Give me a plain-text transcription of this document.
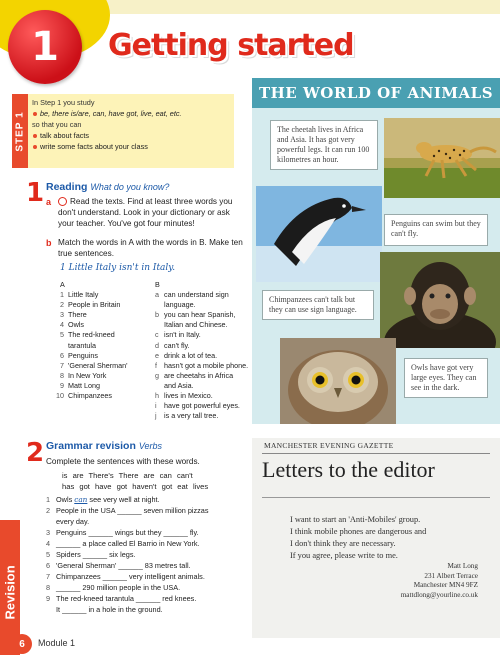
1	Getting started
STEP 1
In Step 1 you study
be, there is/are, can, have got, live, eat, etc.
so that you can
talk about facts
write some facts about your class
1 Reading What do you know?
a	Read the texts. Find at least three words you don't understand. Look in your dictionary or ask your teacher. You've got four minutes!
b Match the words in A with the words in B. Make ten true sentences.
1 Little Italy isn't in Italy.
A
1 Little Italy
2 People in Britain
3 There
4 Owls
5 The red-kneed
tarantula
6 Penguins
7 'General Sherman'
8 In New York
9 Matt Long
10 Chimpanzees
B
a can understand sign
language.
b you can hear Spanish,
Italian and Chinese.
c isn't in Italy.
d can't fly.
e drink a lot of tea.
f hasn't got a mobile phone.
g are cheetahs in Africa
and Asia.
h lives in Mexico.
i	have got powerful eyes.
j	is a very tall tree.
2 Grammar revision Verbs
Complete the sentences with these words.
is are There's There are can can't
has got have got haven't got eat lives
1 Owls can see very well at night.
2 People in the USA ______ seven million pizzas
every day.
3 Penguins ______ wings but they ______ fly.
4 ______ a place called El Barrio in New York.
5 Spiders ______ six legs.
6 'General Sherman' ______ 83 metres tall.
7 Chimpanzees ______ very intelligent animals.
8 ______ 290 million people in the USA.
9 The red-kneed tarantula ______ red knees.
It ______ in a hole in the ground.
Revision
6	Module 1
THE WORLD OF ANIMALS
The cheetah lives in Africa and Asia. It has got very powerful legs. It can run 100 kilometres an hour.
Penguins can swim but they can't fly.
Chimpanzees can't talk but they can use sign language.
Owls have got very large eyes. They can see in the dark.
MANCHESTER EVENING GAZETTE
Letters to the editor
I want to start an 'Anti-Mobiles' group.
I think mobile phones are dangerous and
I don't think they are necessary.
If you agree, please write to me.
Matt Long
231 Albert Terrace
Manchester MN4 9FZ
mattdlong@yourline.co.uk
